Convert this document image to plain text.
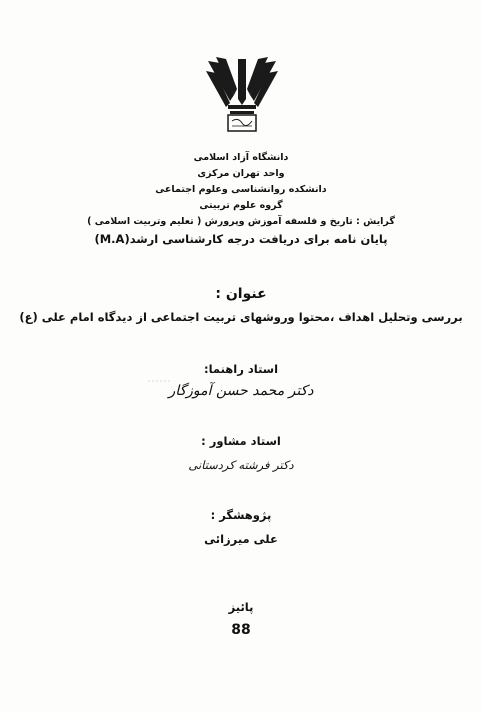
دانشگاه آزاد اسلامی
واحد تهران مرکزی
دانشکده روانشناسی وعلوم اجتماعی
گروه علوم تربیتی
گرایش : تاریخ و فلسفه آموزش وپرورش ( تعلیم وتربیت اسلامی )
پایان نامه برای دریافت درجه کارشناسی ارشد(M.A)
عنوان :
بررسی وتحلیل اهداف ،محتوا وروشهای تربیت اجتماعی از دیدگاه امام علی (ع)
استاد راهنما:
دکتر محمد حسن آموزگار
استاد مشاور :
دکتر فرشته کردستانی
پژوهشگر :
علی میرزائی
پائیز
88
